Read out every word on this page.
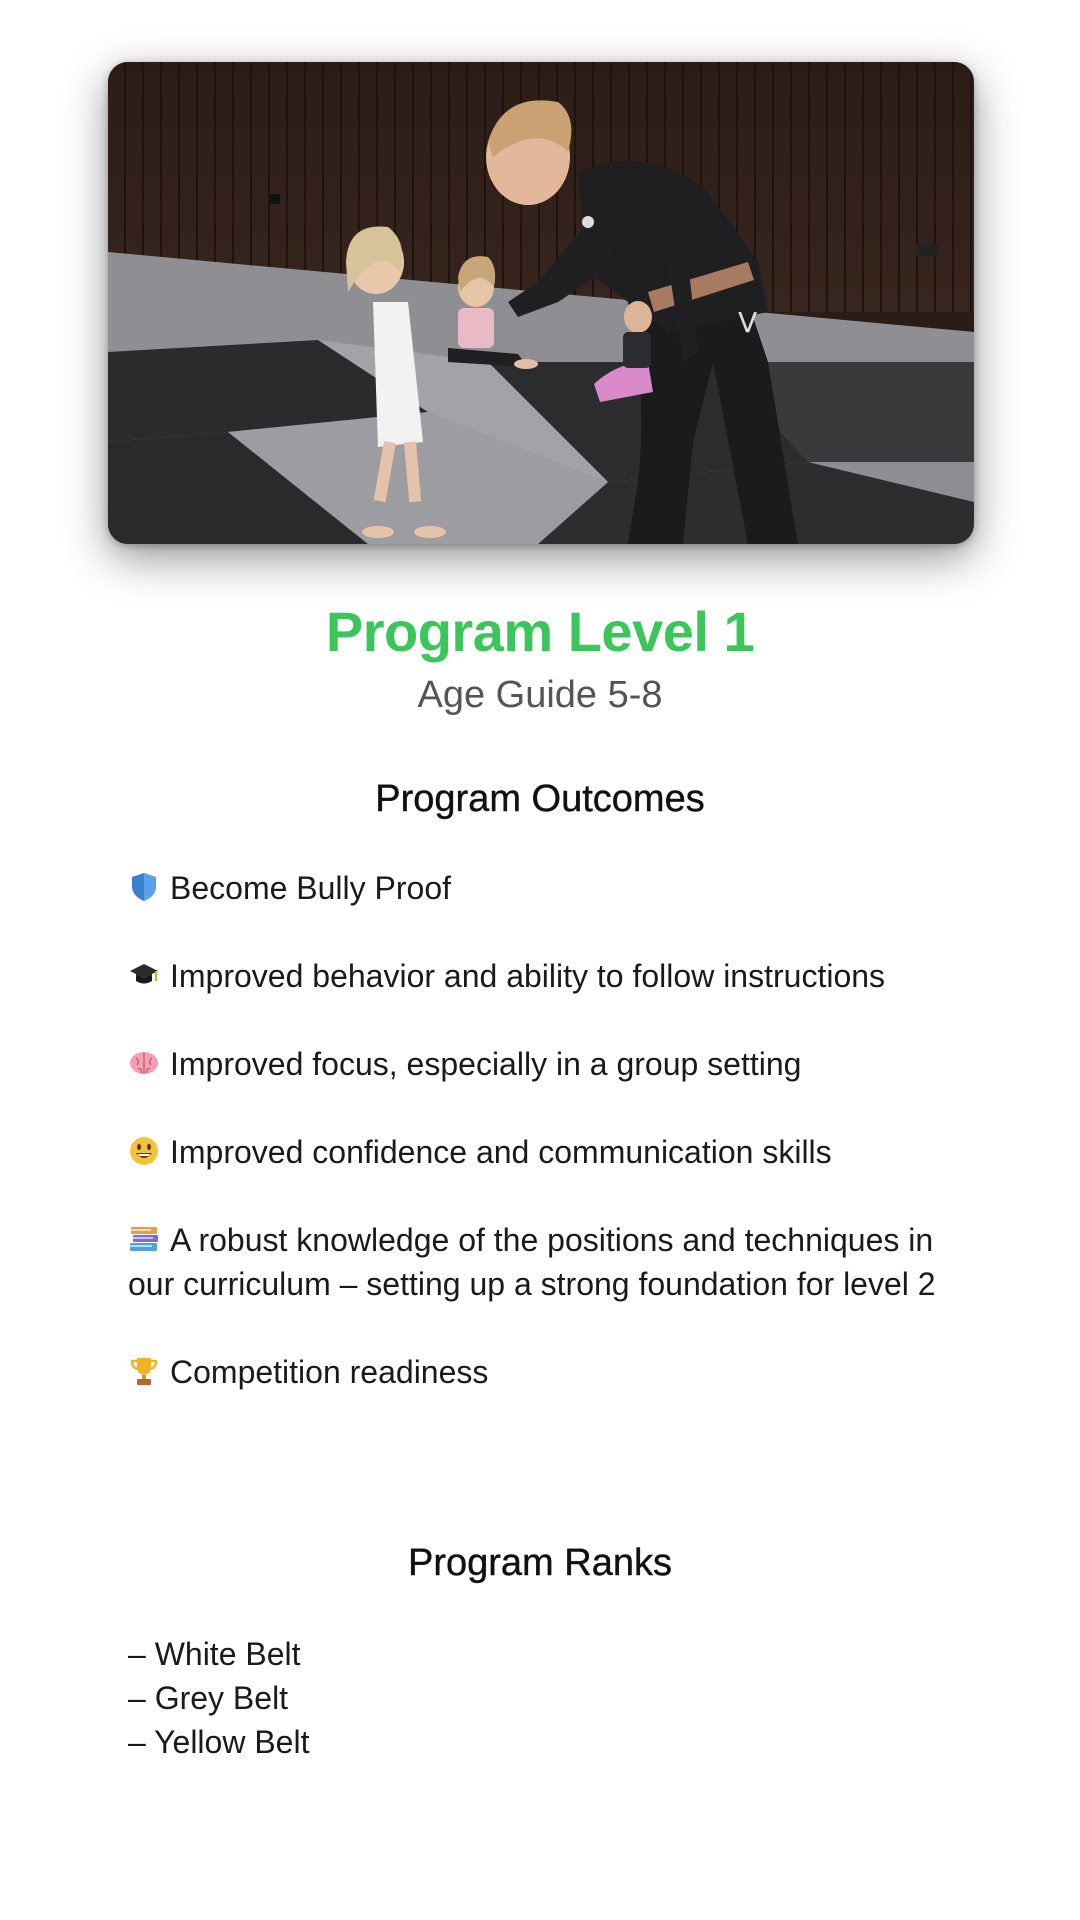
V
Program Level 1

Age Guide 5-8

Program Outcomes
Become Bully Proof
Improved behavior and ability to follow instructions
Improved focus, especially in a group setting
Improved confidence and communication skills
A robust knowledge of the positions and techniques in our curriculum – setting up a strong foundation for level 2
Competition readiness
Program Ranks
– White Belt
– Grey Belt
– Yellow Belt
